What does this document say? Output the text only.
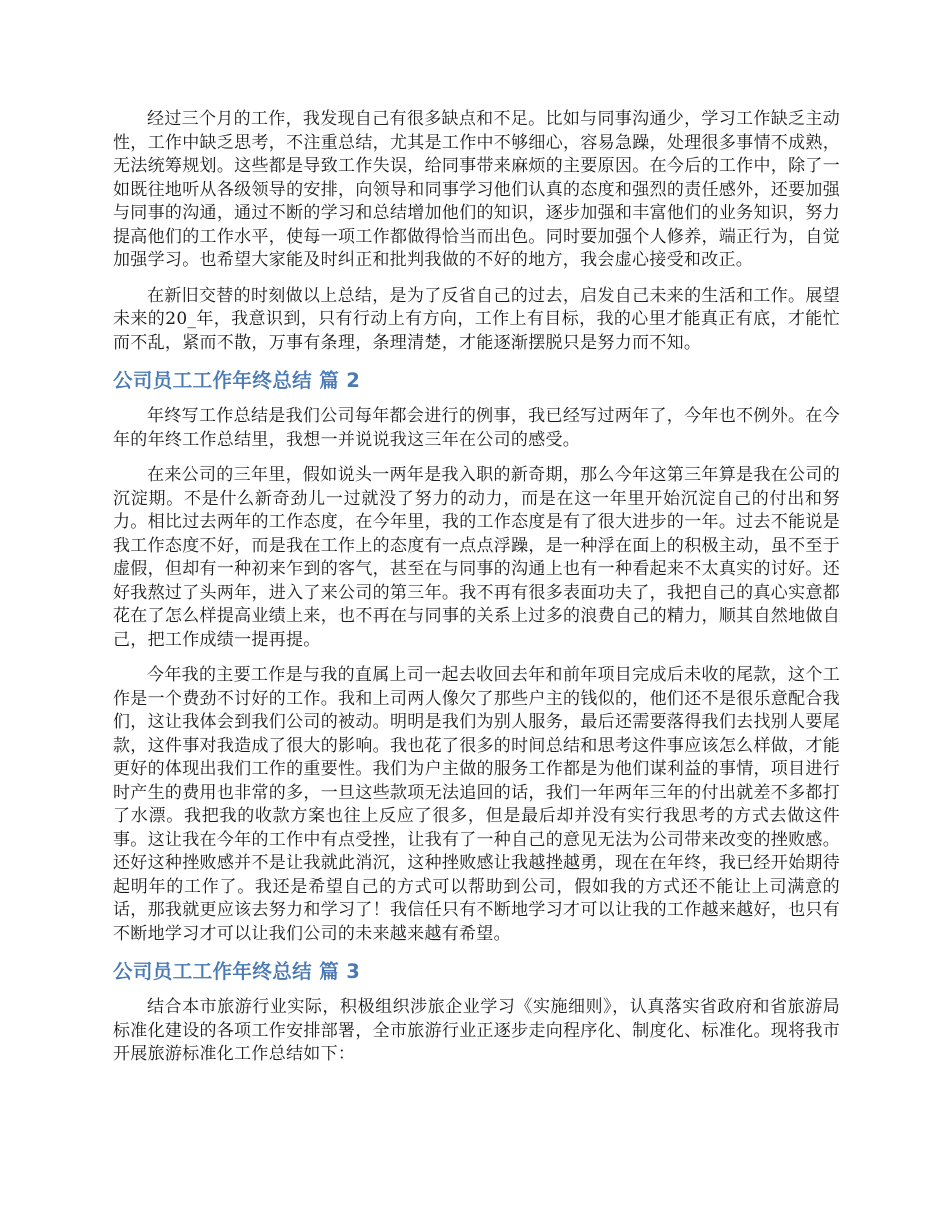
经过三个月的工作，我发现自己有很多缺点和不足。比如与同事沟通少，学习工作缺乏主动性，工作中缺乏思考，不注重总结，尤其是工作中不够细心，容易急躁，处理很多事情不成熟，无法统筹规划。这些都是导致工作失误，给同事带来麻烦的主要原因。在今后的工作中，除了一如既往地听从各级领导的安排，向领导和同事学习他们认真的态度和强烈的责任感外，还要加强与同事的沟通，通过不断的学习和总结增加他们的知识，逐步加强和丰富他们的业务知识，努力提高他们的工作水平，使每一项工作都做得恰当而出色。同时要加强个人修养，端正行为，自觉加强学习。也希望大家能及时纠正和批判我做的不好的地方，我会虚心接受和改正。

在新旧交替的时刻做以上总结，是为了反省自己的过去，启发自己未来的生活和工作。展望未来的20_年，我意识到，只有行动上有方向，工作上有目标，我的心里才能真正有底，才能忙而不乱，紧而不散，万事有条理，条理清楚，才能逐渐摆脱只是努力而不知。

公司员工工作年终总结 篇 2

年终写工作总结是我们公司每年都会进行的例事，我已经写过两年了，今年也不例外。在今年的年终工作总结里，我想一并说说我这三年在公司的感受。

在来公司的三年里，假如说头一两年是我入职的新奇期，那么今年这第三年算是我在公司的沉淀期。不是什么新奇劲儿一过就没了努力的动力，而是在这一年里开始沉淀自己的付出和努力。相比过去两年的工作态度，在今年里，我的工作态度是有了很大进步的一年。过去不能说是我工作态度不好，而是我在工作上的态度有一点点浮躁，是一种浮在面上的积极主动，虽不至于虚假，但却有一种初来乍到的客气，甚至在与同事的沟通上也有一种看起来不太真实的讨好。还好我熬过了头两年，进入了来公司的第三年。我不再有很多表面功夫了，我把自己的真心实意都花在了怎么样提高业绩上来，也不再在与同事的关系上过多的浪费自己的精力，顺其自然地做自己，把工作成绩一提再提。

今年我的主要工作是与我的直属上司一起去收回去年和前年项目完成后未收的尾款，这个工作是一个费劲不讨好的工作。我和上司两人像欠了那些户主的钱似的，他们还不是很乐意配合我们，这让我体会到我们公司的被动。明明是我们为别人服务，最后还需要落得我们去找别人要尾款，这件事对我造成了很大的影响。我也花了很多的时间总结和思考这件事应该怎么样做，才能更好的体现出我们工作的重要性。我们为户主做的服务工作都是为他们谋利益的事情，项目进行时产生的费用也非常的多，一旦这些款项无法追回的话，我们一年两年三年的付出就差不多都打了水漂。我把我的收款方案也往上反应了很多，但是最后却并没有实行我思考的方式去做这件事。这让我在今年的工作中有点受挫，让我有了一种自己的意见无法为公司带来改变的挫败感。还好这种挫败感并不是让我就此消沉，这种挫败感让我越挫越勇，现在在年终，我已经开始期待起明年的工作了。我还是希望自己的方式可以帮助到公司，假如我的方式还不能让上司满意的话，那我就更应该去努力和学习了！我信任只有不断地学习才可以让我的工作越来越好，也只有不断地学习才可以让我们公司的未来越来越有希望。

公司员工工作年终总结 篇 3

结合本市旅游行业实际，积极组织涉旅企业学习《实施细则》，认真落实省政府和省旅游局标准化建设的各项工作安排部署，全市旅游行业正逐步走向程序化、制度化、标准化。现将我市开展旅游标准化工作总结如下：
